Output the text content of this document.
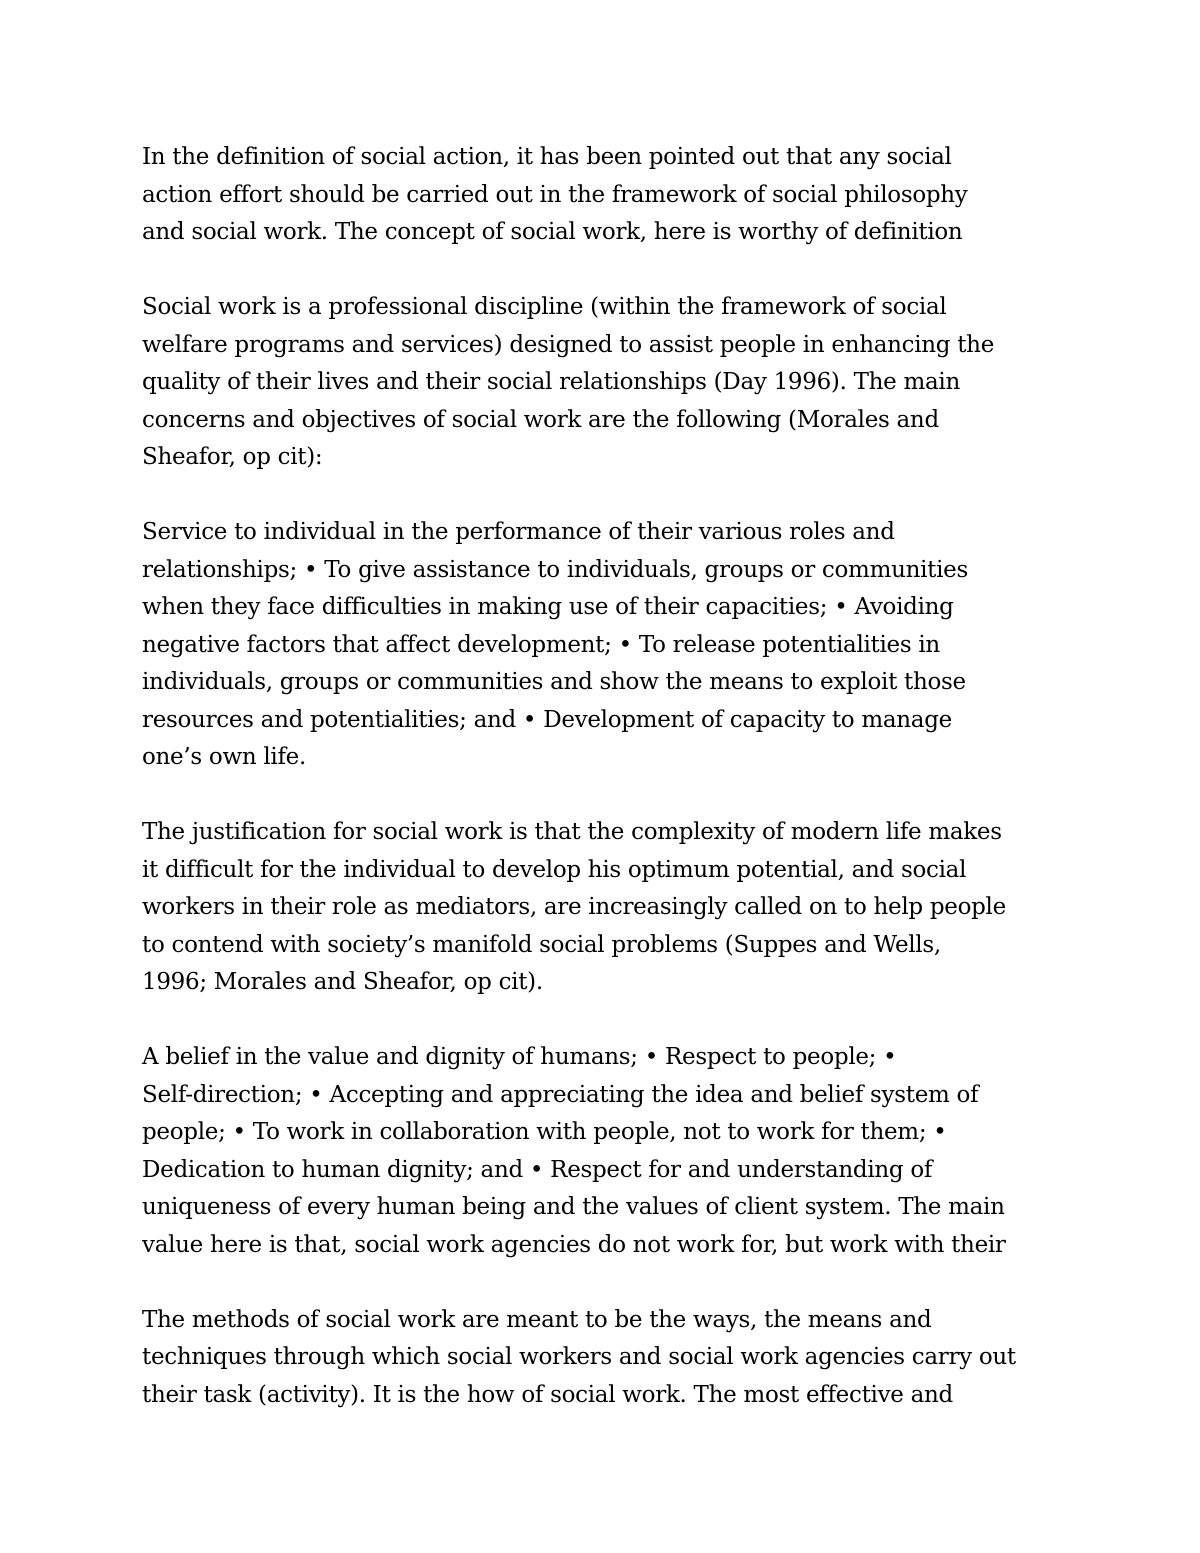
In the definition of social action, it has been pointed out that any social
action effort should be carried out in the framework of social philosophy
and social work. The concept of social work, here is worthy of definition

Social work is a professional discipline (within the framework of social
welfare programs and services) designed to assist people in enhancing the
quality of their lives and their social relationships (Day 1996). The main
concerns and objectives of social work are the following (Morales and
Sheafor, op cit):

Service to individual in the performance of their various roles and
relationships; • To give assistance to individuals, groups or communities
when they face difficulties in making use of their capacities; • Avoiding
negative factors that affect development; • To release potentialities in
individuals, groups or communities and show the means to exploit those
resources and potentialities; and • Development of capacity to manage
one’s own life.

The justification for social work is that the complexity of modern life makes
it difficult for the individual to develop his optimum potential, and social
workers in their role as mediators, are increasingly called on to help people
to contend with society’s manifold social problems (Suppes and Wells,
1996; Morales and Sheafor, op cit).

A belief in the value and dignity of humans; • Respect to people; •
Self-direction; • Accepting and appreciating the idea and belief system of
people; • To work in collaboration with people, not to work for them; •
Dedication to human dignity; and • Respect for and understanding of
uniqueness of every human being and the values of client system. The main
value here is that, social work agencies do not work for, but work with their

The methods of social work are meant to be the ways, the means and
techniques through which social workers and social work agencies carry out
their task (activity). It is the how of social work. The most effective and
